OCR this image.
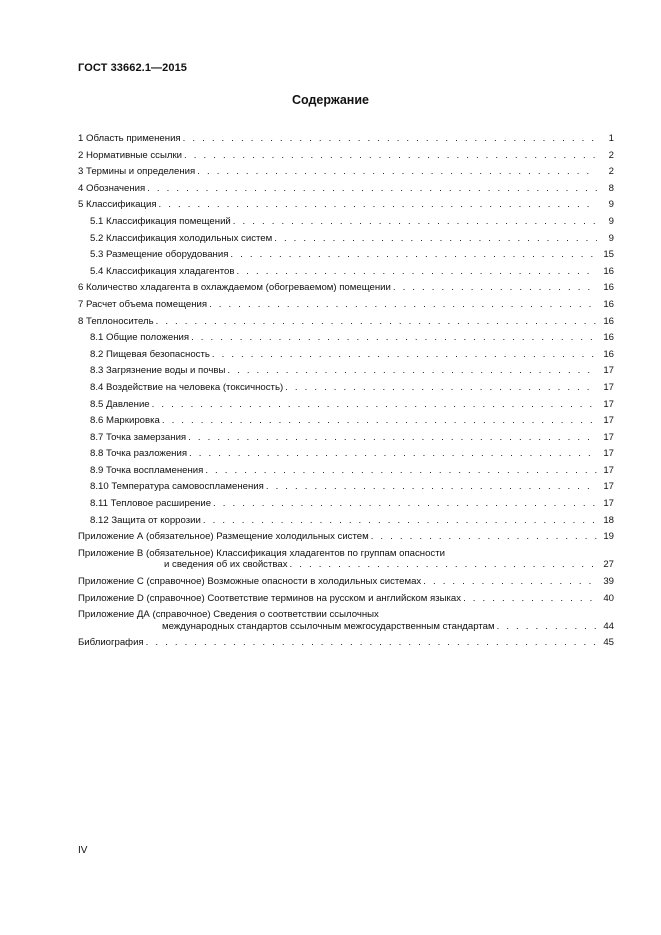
ГОСТ 33662.1—2015
Содержание
1 Область применения . . .	1
2 Нормативные ссылки . . .	2
3 Термины и определения . . .	2
4 Обозначения . . .	8
5 Классификация . . .	9
5.1 Классификация помещений . . .	9
5.2 Классификация холодильных систем . . .	9
5.3 Размещение оборудования . . .	15
5.4 Классификация хладагентов . . .	16
6 Количество хладагента в охлаждаемом (обогреваемом) помещении . . .	16
7 Расчет объема помещения . . .	16
8 Теплоноситель . . .	16
8.1 Общие положения . . .	16
8.2 Пищевая безопасность . . .	16
8.3 Загрязнение воды и почвы . . .	17
8.4 Воздействие на человека (токсичность) . . .	17
8.5 Давление . . .	17
8.6 Маркировка . . .	17
8.7 Точка замерзания . . .	17
8.8 Точка разложения . . .	17
8.9 Точка воспламенения . . .	17
8.10 Температура самовоспламенения . . .	17
8.11 Тепловое расширение . . .	17
8.12 Защита от коррозии . . .	18
Приложение А (обязательное) Размещение холодильных систем . . .	19
Приложение В (обязательное) Классификация хладагентов по группам опасности
и сведения об их свойствах . . .	27
Приложение С (справочное) Возможные опасности в холодильных системах . . .	39
Приложение D (справочное) Соответствие терминов на русском и английском языках . . .	40
Приложение ДА (справочное) Сведения о соответствии ссылочных
международных стандартов ссылочным межгосударственным стандартам . . .	44
Библиография . . .	45
IV
